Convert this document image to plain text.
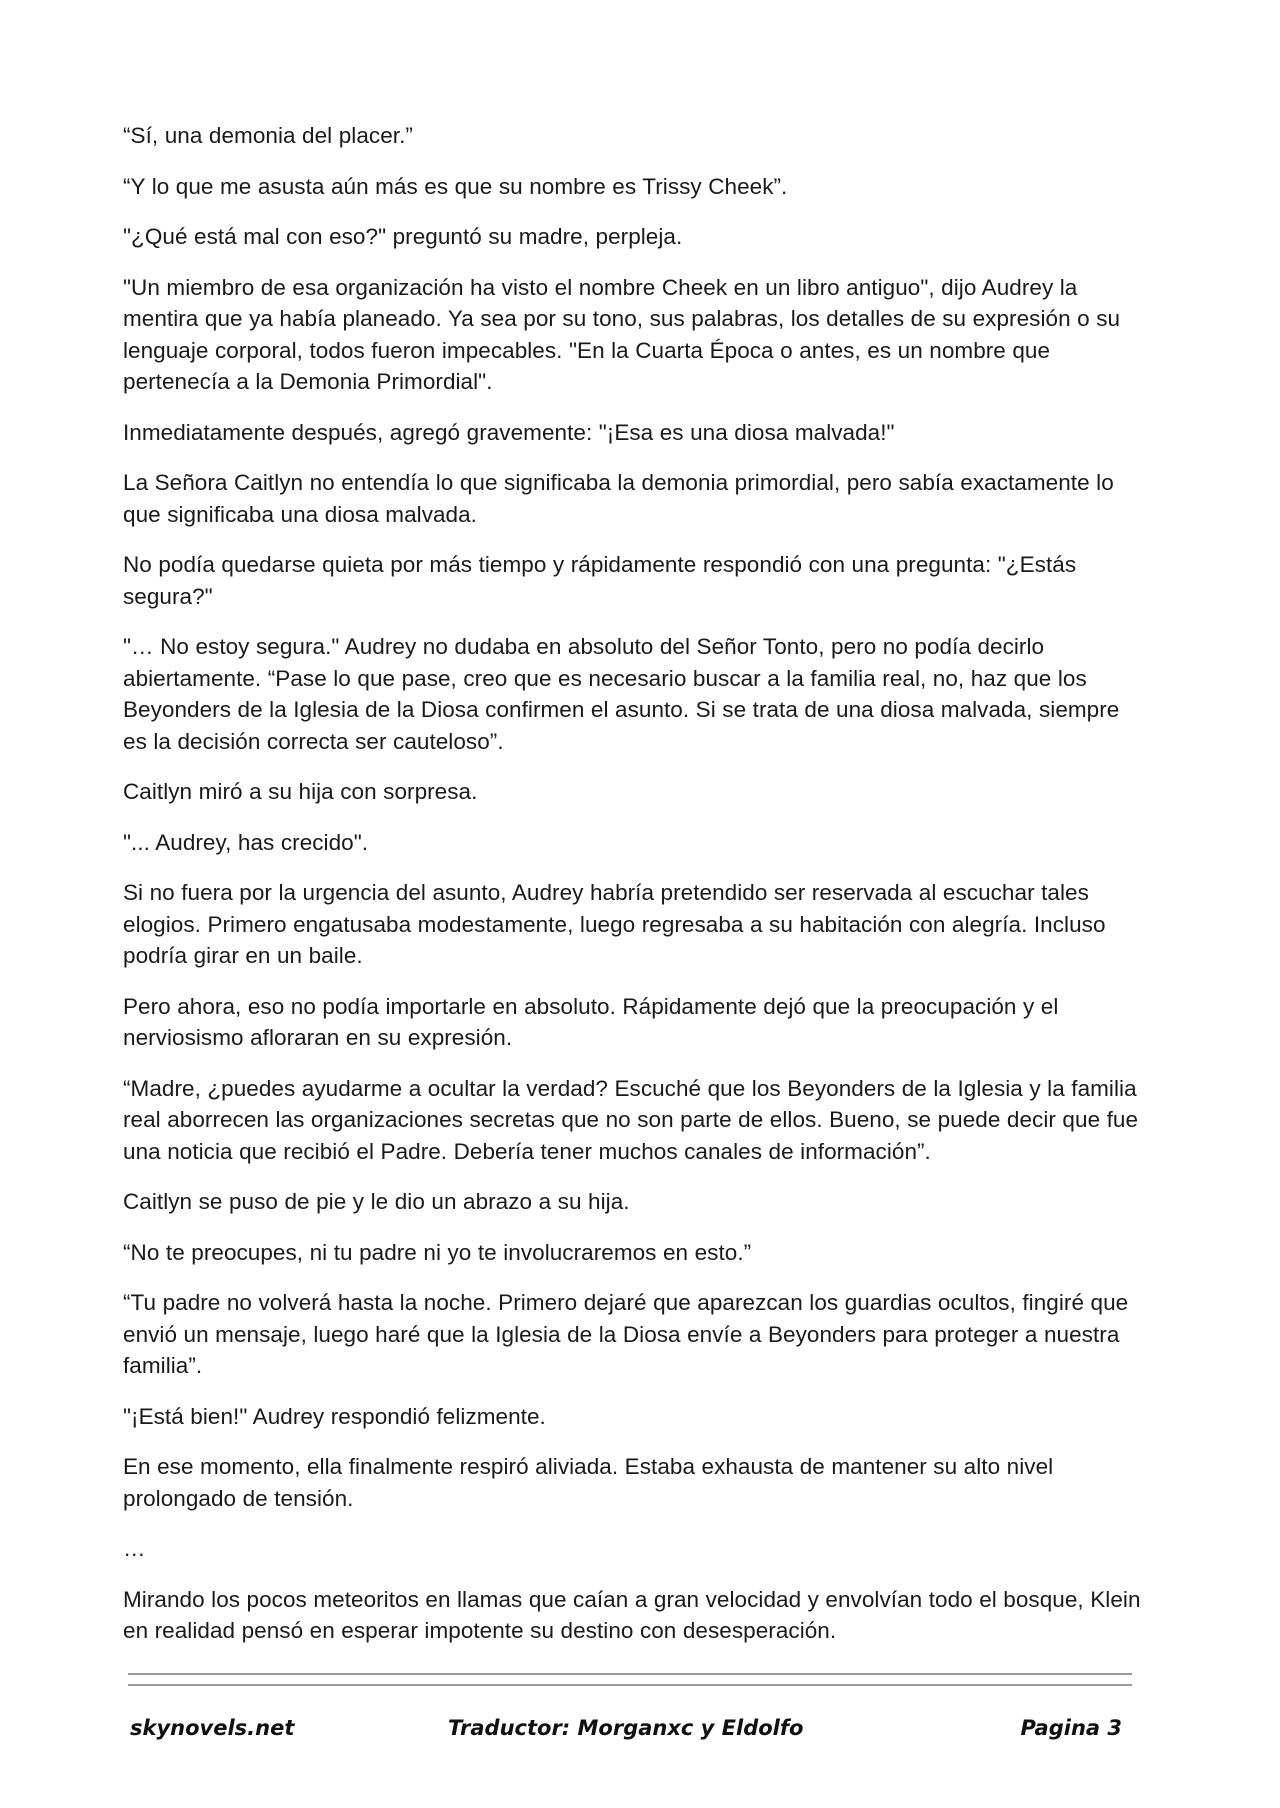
“Sí, una demonia del placer.”

“Y lo que me asusta aún más es que su nombre es Trissy Cheek”.

"¿Qué está mal con eso?" preguntó su madre, perpleja.

"Un miembro de esa organización ha visto el nombre Cheek en un libro antiguo", dijo Audrey la mentira que ya había planeado. Ya sea por su tono, sus palabras, los detalles de su expresión o su lenguaje corporal, todos fueron impecables. "En la Cuarta Época o antes, es un nombre que pertenecía a la Demonia Primordial".

Inmediatamente después, agregó gravemente: "¡Esa es una diosa malvada!"

La Señora Caitlyn no entendía lo que significaba la demonia primordial, pero sabía exactamente lo que significaba una diosa malvada.

No podía quedarse quieta por más tiempo y rápidamente respondió con una pregunta: "¿Estás segura?"

"… No estoy segura." Audrey no dudaba en absoluto del Señor Tonto, pero no podía decirlo abiertamente. “Pase lo que pase, creo que es necesario buscar a la familia real, no, haz que los Beyonders de la Iglesia de la Diosa confirmen el asunto. Si se trata de una diosa malvada, siempre es la decisión correcta ser cauteloso”.

Caitlyn miró a su hija con sorpresa.

"... Audrey, has crecido".

Si no fuera por la urgencia del asunto, Audrey habría pretendido ser reservada al escuchar tales elogios. Primero engatusaba modestamente, luego regresaba a su habitación con alegría. Incluso podría girar en un baile.

Pero ahora, eso no podía importarle en absoluto. Rápidamente dejó que la preocupación y el nerviosismo afloraran en su expresión.

“Madre, ¿puedes ayudarme a ocultar la verdad? Escuché que los Beyonders de la Iglesia y la familia real aborrecen las organizaciones secretas que no son parte de ellos. Bueno, se puede decir que fue una noticia que recibió el Padre. Debería tener muchos canales de información”.

Caitlyn se puso de pie y le dio un abrazo a su hija.

“No te preocupes, ni tu padre ni yo te involucraremos en esto.”

“Tu padre no volverá hasta la noche. Primero dejaré que aparezcan los guardias ocultos, fingiré que envió un mensaje, luego haré que la Iglesia de la Diosa envíe a Beyonders para proteger a nuestra familia”.

"¡Está bien!" Audrey respondió felizmente.

En ese momento, ella finalmente respiró aliviada. Estaba exhausta de mantener su alto nivel prolongado de tensión.

…

Mirando los pocos meteoritos en llamas que caían a gran velocidad y envolvían todo el bosque, Klein en realidad pensó en esperar impotente su destino con desesperación.

skynovels.net	Traductor: Morganxc y Eldolfo	Pagina 3
